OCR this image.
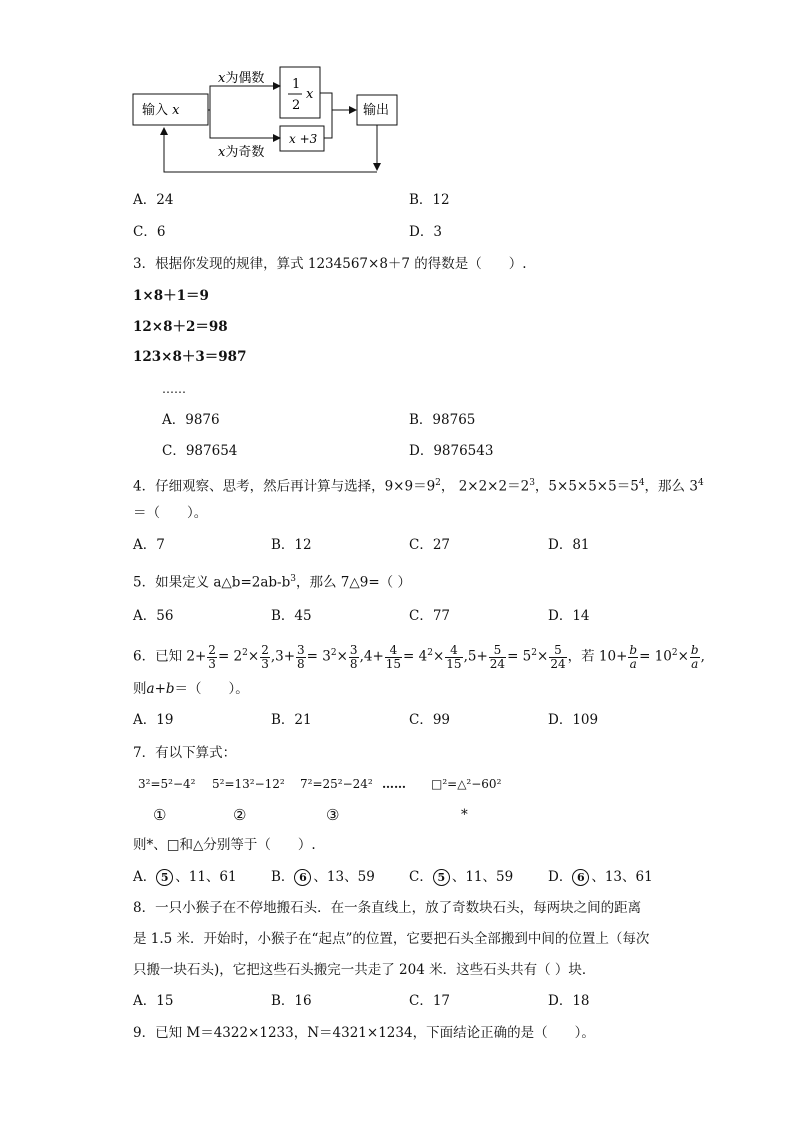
输入 x
x为偶数
x为奇数
1
2
x
x +3
输出
A．24	B．12
C．6	D．3
3．根据你发现的规律，算式 1234567×8＋7 的得数是（　　）.
1×8＋1＝9
12×8＋2＝98
123×8＋3＝987
……
A．9876	B．98765
C．987654	D．9876543
4．仔细观察、思考，然后再计算与选择，$9\times 9=9^2$， $2\times 2\times 2=2^3$，$5\times 5\times 5\times 5=5^4$，那么 $3^4$
＝（　　）。
A．7	B．12	C．27	D．81
5．如果定义 $a\triangle b=2ab-b^3$，那么 7△9=（ ）
A．56	B．45	C．77	D．14
6．已知 $2+ \frac{2}{3} = 2^2\times \frac{2}{3} ,3+ \frac{3}{8} = 3^2\times \frac{3}{8} ,4+ \frac{4}{15} = 4^2\times \frac{4}{15} ,5+ \frac{5}{24} = 5^2\times \frac{5}{24}$ ，若 $10+ \frac{b}{a} = 10^2\times \frac{b}{a}$ ,
则a+b＝（　　）。
A．19	B．21	C．99	D．109
7．有以下算式：
3²=5²−4² 5²=13²−12² 7²=25²−24² …… □²=△²−60²
①	②	③	*
则*、□和△分别等于（　　）.
A． 5 、11、61	B． 6 、13、59	C． 5 、11、59	D． 6 、13、61
8．一只小猴子在不停地搬石头．在一条直线上，放了奇数块石头，每两块之间的距离
是 1.5 米．开始时，小猴子在“起点”的位置，它要把石头全部搬到中间的位置上（每次
只搬一块石头)，它把这些石头搬完一共走了 204 米．这些石头共有（ ）块．
A．15	B．16	C．17	D．18
9．已知 M＝4322×1233，N＝4321×1234，下面结论正确的是（　　）。
